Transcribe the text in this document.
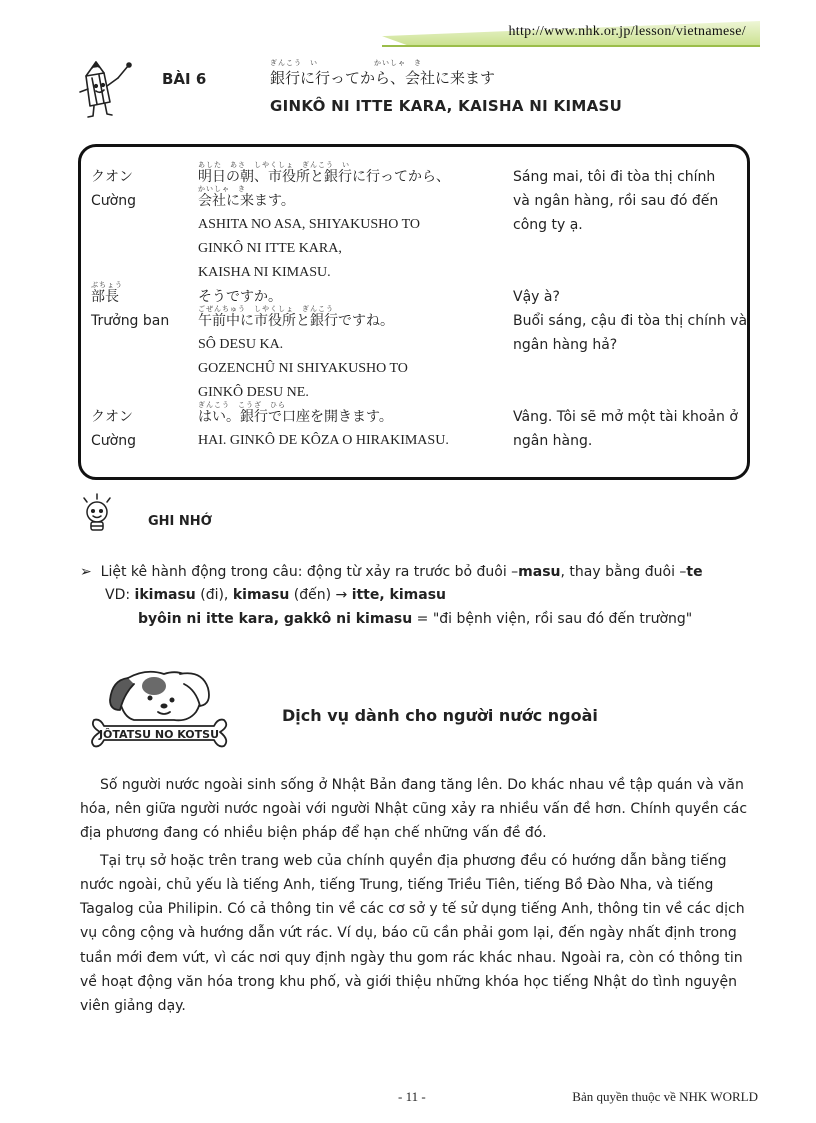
http://www.nhk.or.jp/lesson/vietnamese/
BÀI 6
ぎんこう　い　　　　　　　かいしゃ　き
銀行に行ってから、会社に来ます
GINKÔ NI ITTE KARA, KAISHA NI KIMASU
クオン
Cường
あした　あさ　しやくしょ　ぎんこう　い
明日の朝、市役所と銀行に行ってから、
かいしゃ　き
会社に来ます。
ASHITA NO ASA, SHIYAKUSHO TO
GINKÔ NI ITTE KARA,
KAISHA NI KIMASU.
Sáng mai, tôi đi tòa thị chính
và ngân hàng, rồi sau đó đến
công ty ạ.
ぶちょう
部長
Trưởng ban
そうですか。
ごぜんちゅう　しやくしょ　ぎんこう
午前中に市役所と銀行ですね。
SÔ DESU KA.
GOZENCHÛ NI SHIYAKUSHO TO
GINKÔ DESU NE.
Vậy à?
Buổi sáng, cậu đi tòa thị chính và
ngân hàng hả?
クオン
Cường
ぎんこう　こうざ　ひら
はい。銀行で口座を開きます。
HAI. GINKÔ DE KÔZA O HIRAKIMASU.
Vâng. Tôi sẽ mở một tài khoản ở
ngân hàng.
GHI NHỚ
➢  Liệt kê hành động trong câu: động từ xảy ra trước bỏ đuôi –masu, thay bằng đuôi –te
VD: ikimasu (đi), kimasu (đến) → itte, kimasu
byôin ni itte kara, gakkô ni kimasu = "đi bệnh viện, rồi sau đó đến trường"
JÔTATSU NO KOTSU
Dịch vụ dành cho người nước ngoài
Số người nước ngoài sinh sống ở Nhật Bản đang tăng lên. Do khác nhau về tập quán và văn
hóa, nên giữa người nước ngoài với người Nhật cũng xảy ra nhiều vấn đề hơn. Chính quyền các
địa phương đang có nhiều biện pháp để hạn chế những vấn đề đó.
Tại trụ sở hoặc trên trang web của chính quyền địa phương đều có hướng dẫn bằng tiếng
nước ngoài, chủ yếu là tiếng Anh, tiếng Trung, tiếng Triều Tiên, tiếng Bồ Đào Nha, và tiếng
Tagalog của Philipin. Có cả thông tin về các cơ sở y tế sử dụng tiếng Anh, thông tin về các dịch
vụ công cộng và hướng dẫn vứt rác. Ví dụ, báo cũ cần phải gom lại, đến ngày nhất định trong
tuần mới đem vứt, vì các nơi quy định ngày thu gom rác khác nhau. Ngoài ra, còn có thông tin
về hoạt động văn hóa trong khu phố, và giới thiệu những khóa học tiếng Nhật do tình nguyện
viên giảng dạy.
- 11 -	Bản quyền thuộc về NHK WORLD
